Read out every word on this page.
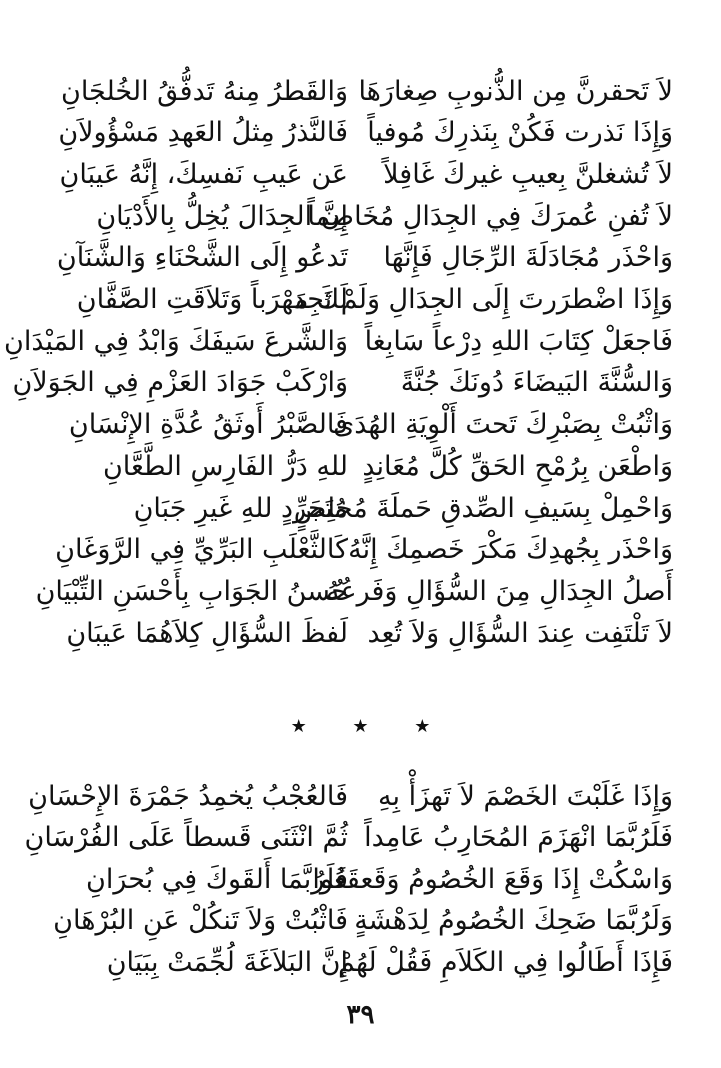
لاَ تَحقرنَّ مِن الذُّنوبِ صِغارَهَا
وَالقَطرُ مِنهُ تَدفُّقُ الخُلجَانِ
وَإِذَا نَذرت فَكُنْ بِنَذرِكَ مُوفياً
فَالنَّذرُ مِثلُ العَهدِ مَسْؤُولاَنِ
لاَ تُشغلنَّ بِعيبِ غيركَ غَافِلاً
عَن عَيبِ نَفسِكَ، إِنَّهُ عَيبَانِ
لاَ تُفنِ عُمرَكَ فِي الجِدَالِ مُخَاصِماً
إِنَّ الجِدَالَ يُخِلُّ بِالأَدْيَانِ
وَاحْذَر مُجَادَلَةَ الرِّجَالِ فَإِنَّهَا
تَدعُو إِلَى الشَّحْنَاءِ وَالشَّنَآنِ
وَإِذَا اضْطرَرتَ إِلَى الجِدَالِ وَلَمْ تَجِد
لَكَ مَهْرَباً وَتَلاَقَتِ الصَّفَّانِ
فَاجعَلْ كِتَابَ اللهِ دِرْعاً سَابِغاً
وَالشَّرعَ سَيفَكَ وَابْدُ فِي المَيْدَانِ
وَالسُّنَّةَ البَيضَاءَ دُونَكَ جُنَّةً
وَارْكَبْ جَوَادَ العَزْمِ فِي الجَوَلاَنِ
وَاثْبُتْ بِصَبْرِكَ تَحتَ أَلْوِيَةِ الهُدَى
فَالصَّبْرُ أَوثَقُ عُدَّةِ الإِنْسَانِ
وَاطْعَن بِرُمْحِ الحَقِّ كُلَّ مُعَانِدٍ
للهِ دَرُّ الفَارِسِ الطَّعَّانِ
وَاحْمِلْ بِسَيفِ الصِّدقِ حَملَةَ مُخلِصٍ
مُتَجَرِّدٍ للهِ غَيرِ جَبَانِ
وَاحْذَر بِجُهدِكَ مَكْرَ خَصمِكَ إِنَّهُ
كَالثَّعْلَبِ البَرِّيِّ فِي الرَّوَغَانِ
أَصلُ الجِدَالِ مِنَ السُّؤَالِ وَفَرعُهُ
حُسنُ الجَوَابِ بِأَحْسَنِ التِّبْيَانِ
لاَ تَلْتَفِت عِندَ السُّؤَالِ وَلاَ تُعِد
لَفظَ السُّؤَالِ كِلاَهُمَا عَيبَانِ
★ ★ ★
وَإِذَا غَلَبْتَ الخَصْمَ لاَ تَهزَأْ بِهِ
فَالعُجْبُ يُخمِدُ جَمْرَةَ الإِحْسَانِ
فَلَرُبَّمَا انْهَزَمَ المُحَارِبُ عَامِداً
ثُمَّ انْثَنَى قَسطاً عَلَى الفُرْسَانِ
وَاسْكُتْ إِذَا وَقَعَ الخُصُومُ وَقَعقَعُوا
فَلَرُبَّمَا أَلقَوكَ فِي بُحرَانِ
وَلَرُبَّمَا ضَحِكَ الخُصُومُ لِدَهْشَةٍ
فَاثْبُتْ وَلاَ تَنكُلْ عَنِ البُرْهَانِ
فَإِذَا أَطَالُوا فِي الكَلاَمِ فَقُلْ لَهُمْ
إِنَّ البَلاَغَةَ لُجِّمَتْ بِبَيَانِ
٣٩
